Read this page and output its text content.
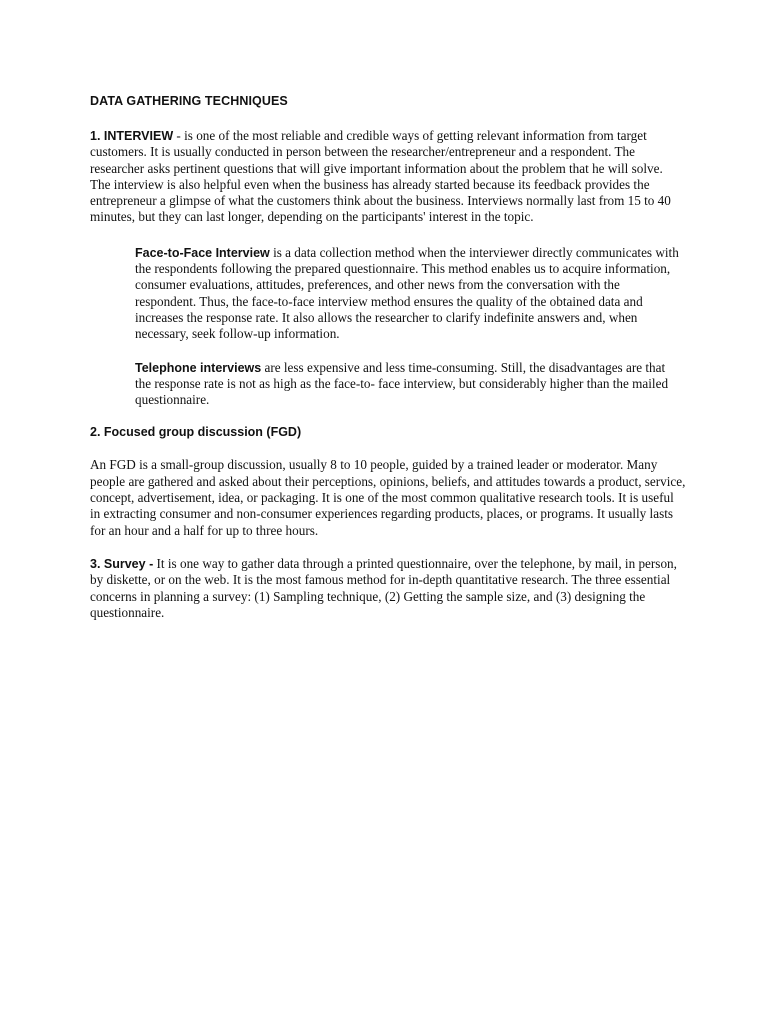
DATA GATHERING TECHNIQUES

1. INTERVIEW - is one of the most reliable and credible ways of getting relevant information from target customers. It is usually conducted in person between the researcher/entrepreneur and a respondent. The researcher asks pertinent questions that will give important information about the problem that he will solve. The interview is also helpful even when the business has already started because its feedback provides the entrepreneur a glimpse of what the customers think about the business. Interviews normally last from 15 to 40 minutes, but they can last longer, depending on the participants' interest in the topic.

Face-to-Face Interview is a data collection method when the interviewer directly communicates with the respondents following the prepared questionnaire. This method enables us to acquire information, consumer evaluations, attitudes, preferences, and other news from the conversation with the respondent. Thus, the face-to-face interview method ensures the quality of the obtained data and increases the response rate. It also allows the researcher to clarify indefinite answers and, when necessary, seek follow-up information.

Telephone interviews are less expensive and less time-consuming. Still, the disadvantages are that the response rate is not as high as the face-to- face interview, but considerably higher than the mailed questionnaire.

2. Focused group discussion (FGD)

An FGD is a small-group discussion, usually 8 to 10 people, guided by a trained leader or moderator. Many people are gathered and asked about their perceptions, opinions, beliefs, and attitudes towards a product, service, concept, advertisement, idea, or packaging. It is one of the most common qualitative research tools. It is useful in extracting consumer and non-consumer experiences regarding products, places, or programs. It usually lasts for an hour and a half for up to three hours.

3. Survey - It is one way to gather data through a printed questionnaire, over the telephone, by mail, in person, by diskette, or on the web. It is the most famous method for in-depth quantitative research. The three essential concerns in planning a survey: (1) Sampling technique, (2) Getting the sample size, and (3) designing the questionnaire.
